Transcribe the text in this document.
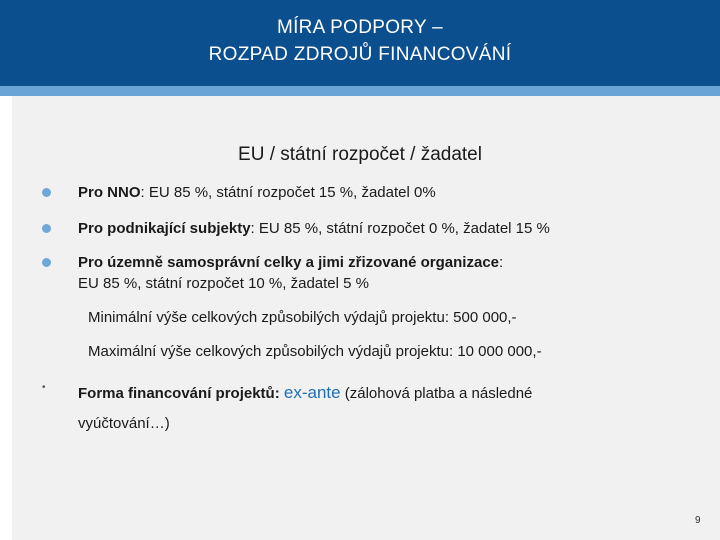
MÍRA PODPORY –
ROZPAD ZDROJŮ FINANCOVÁNÍ
EU / státní rozpočet / žadatel
Pro NNO: EU 85 %, státní rozpočet 15 %, žadatel 0%
Pro podnikající subjekty: EU 85 %, státní rozpočet 0 %, žadatel 15 %
Pro územně samosprávní celky a jimi zřizované organizace:
EU 85 %, státní rozpočet 10 %, žadatel 5 %
Minimální výše celkových způsobilých výdajů projektu: 500 000,-
Maximální výše celkových způsobilých výdajů projektu: 10 000 000,-
• Forma financování projektů: ex-ante (zálohová platba a následné
vyúčtování…)
9
